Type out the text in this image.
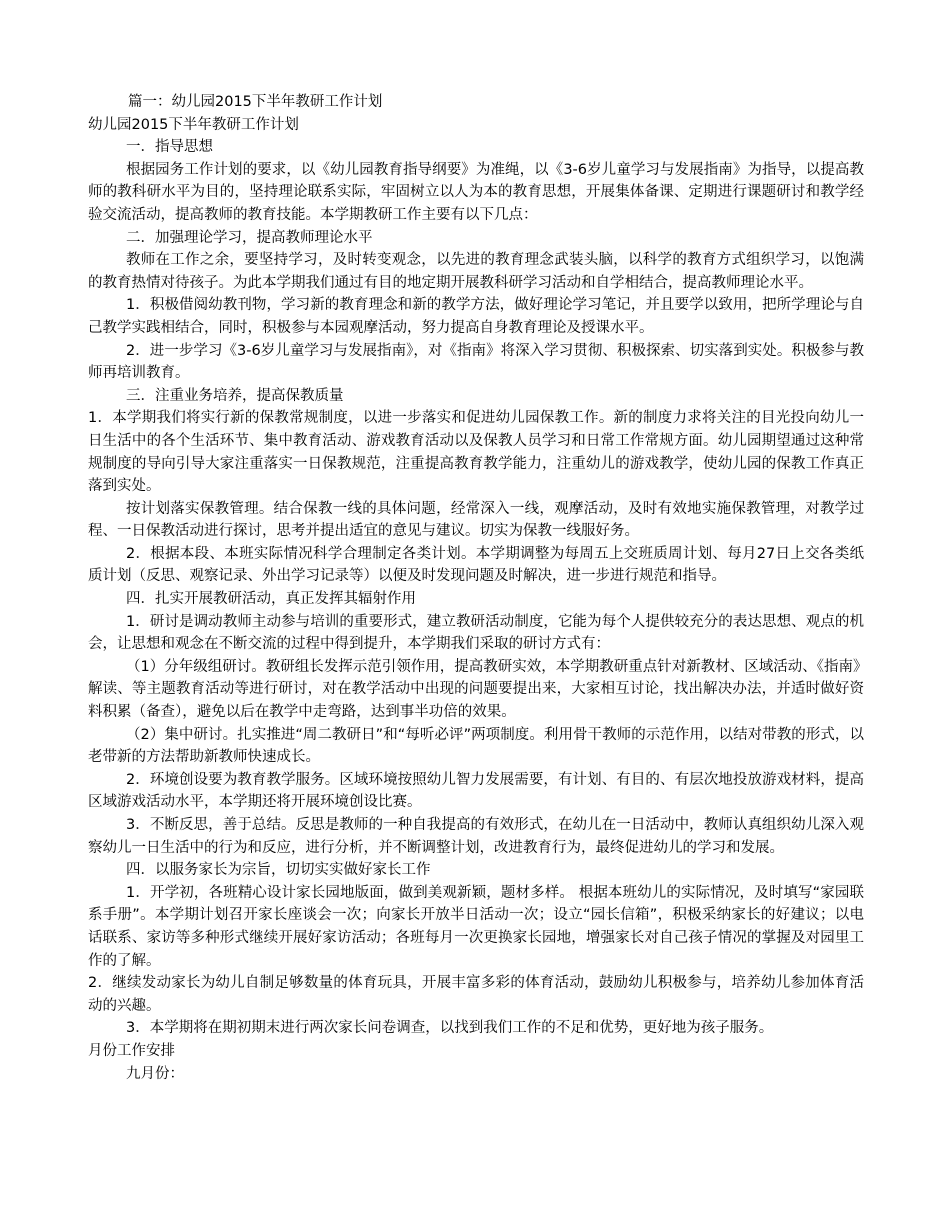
篇一：幼儿园2015下半年教研工作计划

幼儿园2015下半年教研工作计划

一．指导思想

根据园务工作计划的要求，以《幼儿园教育指导纲要》为准绳，以《3-6岁儿童学习与发展指南》为指导，以提高教师的教科研水平为目的，坚持理论联系实际，牢固树立以人为本的教育思想，开展集体备课、定期进行课题研讨和教学经验交流活动，提高教师的教育技能。本学期教研工作主要有以下几点：

二．加强理论学习，提高教师理论水平

教师在工作之余，要坚持学习，及时转变观念，以先进的教育理念武装头脑，以科学的教育方式组织学习，以饱满的教育热情对待孩子。为此本学期我们通过有目的地定期开展教科研学习活动和自学相结合，提高教师理论水平。

1．积极借阅幼教刊物，学习新的教育理念和新的教学方法，做好理论学习笔记，并且要学以致用，把所学理论与自己教学实践相结合，同时，积极参与本园观摩活动，努力提高自身教育理论及授课水平。

2．进一步学习《3-6岁儿童学习与发展指南》，对《指南》将深入学习贯彻、积极探索、切实落到实处。积极参与教师再培训教育。

三．注重业务培养，提高保教质量

1．本学期我们将实行新的保教常规制度，以进一步落实和促进幼儿园保教工作。新的制度力求将关注的目光投向幼儿一日生活中的各个生活环节、集中教育活动、游戏教育活动以及保教人员学习和日常工作常规方面。幼儿园期望通过这种常规制度的导向引导大家注重落实一日保教规范，注重提高教育教学能力，注重幼儿的游戏教学，使幼儿园的保教工作真正落到实处。

按计划落实保教管理。结合保教一线的具体问题，经常深入一线，观摩活动，及时有效地实施保教管理，对教学过程、一日保教活动进行探讨，思考并提出适宜的意见与建议。切实为保教一线服好务。

2．根据本段、本班实际情况科学合理制定各类计划。本学期调整为每周五上交班质周计划、每月27日上交各类纸质计划（反思、观察记录、外出学习记录等）以便及时发现问题及时解决，进一步进行规范和指导。

四．扎实开展教研活动，真正发挥其辐射作用

1．研讨是调动教师主动参与培训的重要形式，建立教研活动制度，它能为每个人提供较充分的表达思想、观点的机会，让思想和观念在不断交流的过程中得到提升，本学期我们采取的研讨方式有：

（1）分年级组研讨。教研组长发挥示范引领作用，提高教研实效，本学期教研重点针对新教材、区域活动、《指南》

解读、等主题教育活动等进行研讨，对在教学活动中出现的问题要提出来，大家相互讨论，找出解决办法，并适时做好资料积累（备查），避免以后在教学中走弯路，达到事半功倍的效果。

（2）集中研讨。扎实推进“周二教研日”和“每听必评”两项制度。利用骨干教师的示范作用，以结对带教的形式，以老带新的方法帮助新教师快速成长。

2．环境创设要为教育教学服务。区域环境按照幼儿智力发展需要，有计划、有目的、有层次地投放游戏材料，提高区域游戏活动水平，本学期还将开展环境创设比赛。

3．不断反思，善于总结。反思是教师的一种自我提高的有效形式，在幼儿在一日活动中，教师认真组织幼儿深入观察幼儿一日生活中的行为和反应，进行分析，并不断调整计划，改进教育行为，最终促进幼儿的学习和发展。

四．以服务家长为宗旨，切切实实做好家长工作

1．开学初，各班精心设计家长园地版面，做到美观新颖，题材多样。 根据本班幼儿的实际情况，及时填写“家园联系手册”。本学期计划召开家长座谈会一次；向家长开放半日活动一次；设立“园长信箱”，积极采纳家长的好建议；以电话联系、家访等多种形式继续开展好家访活动；各班每月一次更换家长园地，增强家长对自己孩子情况的掌握及对园里工作的了解。

2．继续发动家长为幼儿自制足够数量的体育玩具，开展丰富多彩的体育活动，鼓励幼儿积极参与，培养幼儿参加体育活动的兴趣。

3．本学期将在期初期末进行两次家长问卷调查，以找到我们工作的不足和优势，更好地为孩子服务。

月份工作安排

九月份：
